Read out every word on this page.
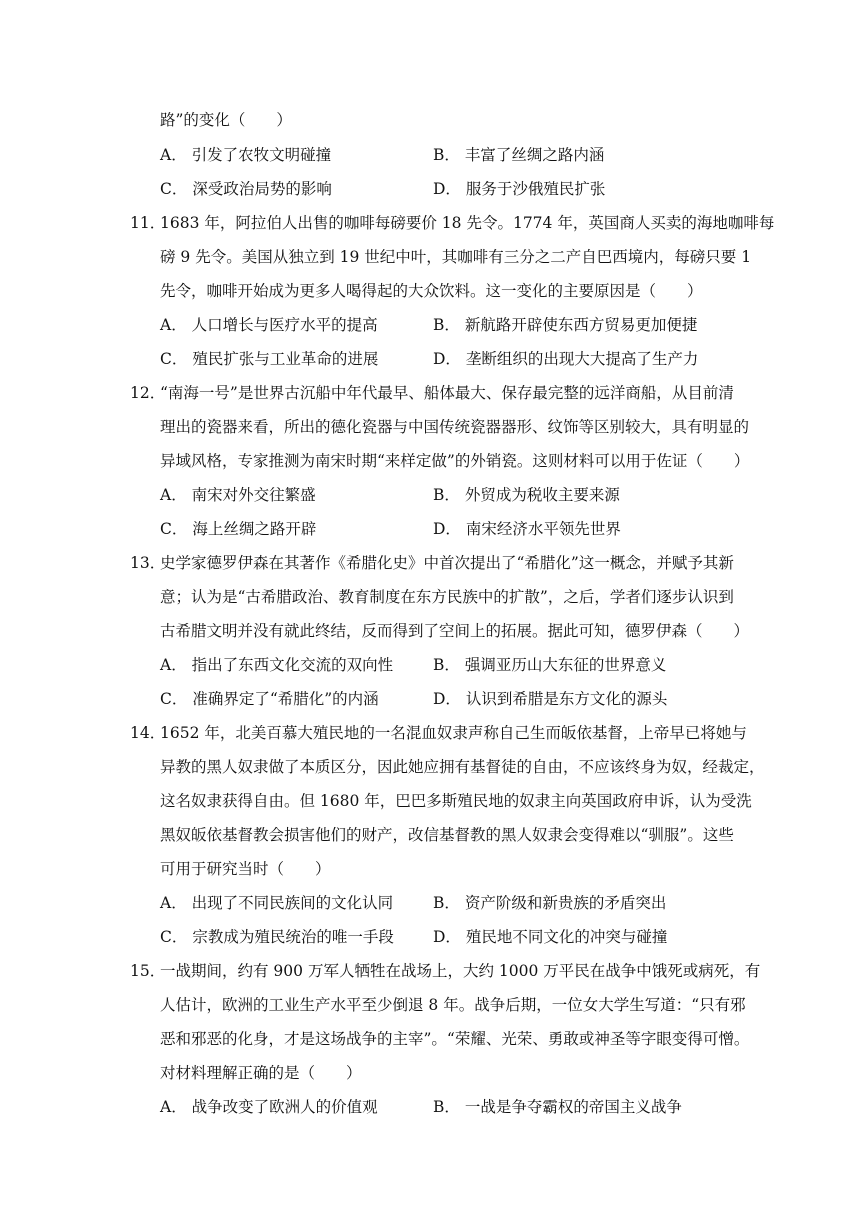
路”的变化（　　）
A． 引发了农牧文明碰撞	B． 丰富了丝绸之路内涵
C． 深受政治局势的影响	D． 服务于沙俄殖民扩张
11．
1683 年，阿拉伯人出售的咖啡每磅要价 18 先令。1774 年，英国商人买卖的海地咖啡每
磅 9 先令。美国从独立到 19 世纪中叶，其咖啡有三分之二产自巴西境内，每磅只要 1
先令，咖啡开始成为更多人喝得起的大众饮料。这一变化的主要原因是（　　）
A． 人口增长与医疗水平的提高	B． 新航路开辟使东西方贸易更加便捷
C． 殖民扩张与工业革命的进展	D． 垄断组织的出现大大提高了生产力
12．
“南海一号”是世界古沉船中年代最早、船体最大、保存最完整的远洋商船，从目前清
理出的瓷器来看，所出的德化瓷器与中国传统瓷器器形、纹饰等区别较大，具有明显的
异域风格，专家推测为南宋时期“来样定做”的外销瓷。这则材料可以用于佐证（　　）
A． 南宋对外交往繁盛	B． 外贸成为税收主要来源
C． 海上丝绸之路开辟	D． 南宋经济水平领先世界
13．
史学家德罗伊森在其著作《希腊化史》中首次提出了“希腊化”这一概念，并赋予其新
意；认为是“古希腊政治、教育制度在东方民族中的扩散”，之后，学者们逐步认识到
古希腊文明并没有就此终结，反而得到了空间上的拓展。据此可知，德罗伊森（　　）
A． 指出了东西文化交流的双向性	B． 强调亚历山大东征的世界意义
C． 准确界定了“希腊化”的内涵	D． 认识到希腊是东方文化的源头
14．
1652 年，北美百慕大殖民地的一名混血奴隶声称自己生而皈依基督，上帝早已将她与
异教的黑人奴隶做了本质区分，因此她应拥有基督徒的自由，不应该终身为奴，经裁定，
这名奴隶获得自由。但 1680 年，巴巴多斯殖民地的奴隶主向英国政府申诉，认为受洗
黑奴皈依基督教会损害他们的财产，改信基督教的黑人奴隶会变得难以“驯服”。这些
可用于研究当时（　　）
A． 出现了不同民族间的文化认同	B． 资产阶级和新贵族的矛盾突出
C． 宗教成为殖民统治的唯一手段	D． 殖民地不同文化的冲突与碰撞
15．
一战期间，约有 900 万军人牺牲在战场上，大约 1000 万平民在战争中饿死或病死，有
人估计，欧洲的工业生产水平至少倒退 8 年。战争后期，一位女大学生写道：“只有邪
恶和邪恶的化身，才是这场战争的主宰”。“荣耀、光荣、勇敢或神圣等字眼变得可憎。
对材料理解正确的是（　　）
A． 战争改变了欧洲人的价值观	B． 一战是争夺霸权的帝国主义战争
